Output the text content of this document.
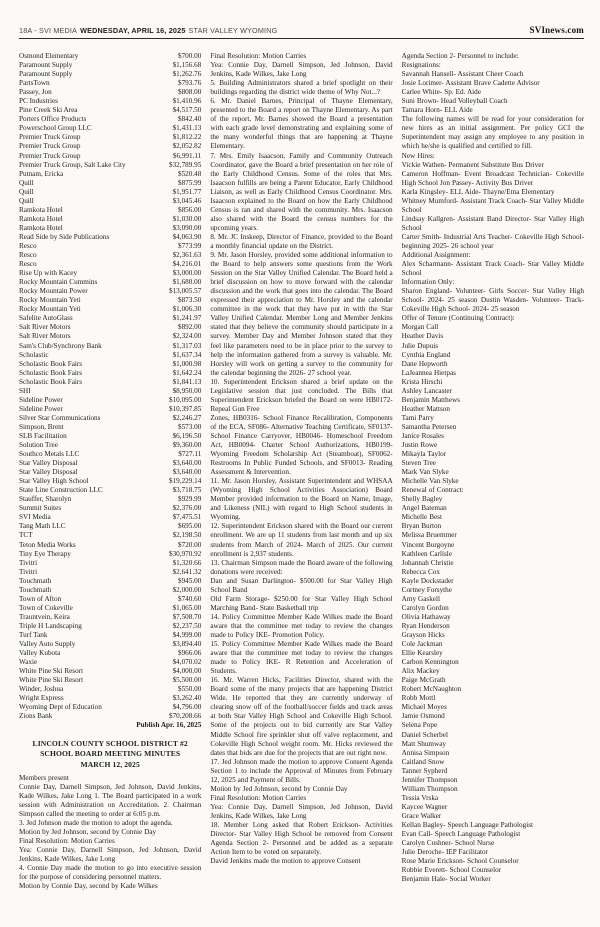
18A - SVI MEDIA WEDNESDAY, APRIL 16, 2025 STAR VALLEY WYOMING	SVInews.com
Osmond Elementary	$700.00
Paramount Supply	$1,156.68
Paramount Supply	$1,262.76
PartsTown	$793.76
Passey, Jon	$808.00
PC Industries	$1,410.96
Pine Creek Ski Area	$4,517.50
Porters Office Products	$842.40
Powerschool Group LLC	$1,431.13
Premier Truck Group	$1,812.22
Premier Truck Group	$2,052.82
Premier Truck Group	$6,991.11
Premier Truck Group, Salt Lake City	$32,789.95
Putnam, Ericka	$520.48
Quill	$875.99
Quill	$1,951.77
Quill	$3,045.46
Ramkota Hotel	$856.00
Ramkota Hotel	$1,030.00
Ramkota Hotel	$3,090.00
Read Side by Side Publications	$4,063.90
Resco	$773.99
Resco	$2,361.63
Resco	$4,216.01
Rise Up with Kacey	$3,000.00
Rocky Mountain Cummins	$1,680.00
Rocky Mountain Power	$13,005.57
Rocky Mountain Yeti	$873.50
Rocky Mountain Yeti	$1,006.30
Safelite AutoGlass	$1,241.97
Salt River Motors	$892.00
Salt River Motors	$2,324.00
Sam's Club/Synchrony Bank	$1,317.03
Scholastic	$1,637.34
Scholastic Book Fairs	$1,000.98
Scholastic Book Fairs	$1,642.24
Scholastic Book Fairs	$1,841.13
SHI	$8,950.00
Sideline Power	$10,095.00
Sideline Power	$10,397.85
Silver Star Communications	$2,246.27
Simpson, Brent	$573.00
SLB Facilitation	$6,196.50
Solution Tree	$9,360.00
Southco Metals LLC	$727.11
Star Valley Disposal	$3,640.00
Star Valley Disposal	$3,640.00
Star Valley High School	$19,229.14
State Line Construction LLC	$3,718.75
Stauffer, Sharolyn	$929.99
Summit Suites	$2,376.00
SVI Media	$7,475.51
Tang Math LLC	$695.00
TCT	$2,198.50
Teton Media Works	$720.00
Tiny Eye Therapy	$30,970.92
Tivitri	$1,320.66
Tivitri	$2,641.32
Touchmath	$945.00
Touchmath	$2,000.00
Town of Afton	$740.60
Town of Cokeville	$1,065.00
Trauntvein, Keira	$7,508.70
Triple H Landscaping	$2,237.50
Turf Tank	$4,999.00
Valley Auto Supply	$3,894.40
Valley Kubota	$966.06
Waxie	$4,070.02
White Pine Ski Resort	$4,000.00
White Pine Ski Resort	$5,500.00
Winder, Joshua	$550.00
Wright Express	$3,262.40
Wyoming Dept of Education	$4,796.00
Zions Bank	$70,208.66

Publish Apr. 16, 2025

LINCOLN COUNTY SCHOOL DISTRICT #2
SCHOOL BOARD MEETING MINUTES
MARCH 12, 2025

Members present

Connie Day, Darnell Simpson, Jed Johnson, David Jenkins, Kade Wilkes, Jake Long 1. The Board participated in a work session with Administration on Accreditation. 2. Chairman Simpson called the meeting to order at 6:05 p.m.

3. Jed Johnson made the motion to adopt the agenda.

Motion by Jed Johnson, second by Connie Day

Final Resolution: Motion Carries

Yea: Connie Day, Darnell Simpson, Jed Johnson, David Jenkins, Kade Wilkes, Jake Long

4. Connie Day made the motion to go into executive session for the purpose of considering personnel matters.

Motion by Connie Day, second by Kade Wilkes

Final Resolution: Motion Carries

Yea: Connie Day, Darnell Simpson, Jed Johnson, David Jenkins, Kade Wilkes, Jake Long

5. Building Administrators shared a brief spotlight on their buildings regarding the district wide theme of Why Not...?

6. Mr. Daniel Barnes, Principal of Thayne Elementary, presented to the Board a report on Thayne Elementary. As part of the report, Mr. Barnes showed the Board a presentation with each grade level demonstrating and explaining some of the many wonderful things that are happening at Thayne Elementary.

7. Mrs. Emily Isaacson, Family and Community Outreach Coordinator, gave the Board a brief presentation on her role of the Early Childhood Census. Some of the roles that Mrs. Isaacson fulfills are being a Parent Educator, Early Childhood Liaison, as well as Early Childhood Census Coordinator. Mrs. Isaacson explained to the Board on how the Early Childhood Census is ran and shared with the community. Mrs. Isaacson also shared with the Board the census numbers for the upcoming years.

8. Mr. JC Inskeep, Director of Finance, provided to the Board a monthly financial update on the District.

9. Mr. Jason Horsley, provided some additional information to the Board to help answers some questions from the Work Session on the Star Valley Unified Calendar. The Board held a brief discussion on how to move forward with the calendar discussion and the work that goes into the calendar. The Board expressed their appreciation to Mr. Horsley and the calendar committee in the work that they have put in with the Star Valley Unified Calendar. Member Long and Member Jenkins stated that they believe the community should participate in a survey. Member Day and Member Johnson stated that they feel like parameters need to be in place prior to the survey to help the information gathered from a survey is valuable. Mr. Horsley will work on getting a survey to the community for the calendar beginning the 2026- 27 school year.

10. Superintendent Erickson shared a brief update on the Legislative session that just concluded. The Bills that Superintendent Erickson briefed the Board on were HB0172- Repeal Gun Free

Zones, HB0316- School Finance Recalibration, Components of the ECA, SF086- Alternative Teaching Certificate, SF0137- School Finance Carryover, HB0046- Homeschool Freedom Act, HB0094- Charter School Authorizations, HB0199- Wyoming Freedom Scholarship Act (Steamboat), SF0062- Restrooms In Public Funded Schools, and SF0013- Reading Assessment & Intervention.

11. Mr. Jason Horsley, Assistant Superintendent and WHSAA (Wyoming High School Activities Association) Board Member provided information to the Board on Name, Image, and Likeness (NIL) with regard to High School students in Wyoming.

12. Superintendent Erickson shared with the Board our current enrollment. We are up 11 students from last month and up six students from March of 2024- March of 2025. Our current enrollment is 2,937 students.

13. Chairman Simpson made the Board aware of the following donations were received:

Dan and Susan Darlington- $500.00 for Star Valley High School Band

Old Farm Storage- $250.00 for Star Valley High School Marching Band- State Basketball trip

14. Policy Committee Member Kade Wilkes made the Board aware that the committee met today to review the changes made to Policy IKE- Promotion Policy.

15. Policy Committee Member Kade Wilkes made the Board aware that the committee met today to review the changes made to Policy IKE- R Retention and Acceleration of Students.

16. Mr. Warren Hicks, Facilities Director, shared with the Board some of the many projects that are happening District Wide. He reported that they are currently underway of clearing snow off of the football/soccer fields and track areas at both Star Valley High School and Cokeville High School. Some of the projects out to bid currently are Star Valley Middle School fire sprinkler shut off valve replacement, and Cokeville High School weight room. Mr. Hicks reviewed the dates that bids are due for the projects that are out right now.

17. Jed Johnson made the motion to approve Consent Agenda Section 1 to include the Approval of Minutes from February 12, 2025 and Payment of Bills.

Motion by Jed Johnson, second by Connie Day

Final Resolution: Motion Carries

Yea: Connie Day, Darnell Simpson, Jed Johnson, David Jenkins, Kade Wilkes, Jake Long

18. Member Long asked that Robert Erickson- Activities Director- Star Valley High School be removed from Consent Agenda Section 2- Personnel and be added as a separate Action Item to be voted on separately.

David Jenkins made the motion to approve Consent

Agenda Section 2- Personnel to include:

Resignations:

Savannah Hansell- Assistant Cheer Coach

Josie Lorimer- Assistant Brave Cadette Advisor

Carlee White- Sp. Ed. Aide

Suni Brown- Head Volleyball Coach

Tamara Horn- ELL Aide

The following names will be read for your consideration for new hires as an initial assignment. Per policy GCI the Superintendent may assign any employee to any position in which he/she is qualified and certified to fill.

New Hires:

Vickie Wathen- Permanent Substitute Bus Driver

Cameron Hoffman- Event Broadcast Technician- Cokeville High School Jon Passey- Activity Bus Driver

Karla Kingsley- ELL Aide- Thayne/Etna Elementary

Whitney Mumford- Assistant Track Coach- Star Valley Middle School

Lindsay Kallgren- Assistant Band Director- Star Valley High School

Carter Smith- Industrial Arts Teacher- Cokeville High School- beginning 2025- 26 school year

Additional Assignment:

Alex Scharmann- Assistant Track Coach- Star Valley Middle School

Information Only:

Sharon England- Volunteer- Girls Soccer- Star Valley High School- 2024- 25 season Dustin Wasden- Volunteer- Track- Cokeville High School- 2024- 25 season

Offer of Tenure (Continuing Contract):

Morgan Call

Heather Davis

Julie Dupuis

Cynthia England

Dane Hepworth

LaJeannea Hietpas

Krista Hirschi

Ashley Lancaster

Benjamin Matthews

Heather Mattson

Tami Parry

Samantha Petersen

Janice Rosales

Justin Rowe

Mikayla Taylor

Steven Tree

Mark Van Slyke

Michelle Van Slyke

Renewal of Contract:

Shelly Bagley

Angel Bateman

Michelle Best

Bryan Burton

Melissa Bruemmer

Vincent Burgoyne

Kathleen Carlisle

Johannah Christie

Rebecca Cox

Kayle Dockstader

Cortney Forsythe

Amy Gaskell

Carolyn Gordon

Olivia Hathaway

Ryan Henderson

Grayson Hicks

Cole Jackman

Ellie Kearsley

Carbon Kennington

Alix Mackey

Paige McGrath

Robert McNaughton

Robb Mottl

Michael Moyes

Jamie Osmond

Selena Pope

Daniel Scherbel

Matt Shumway

Annisa Simpson

Caitland Snow

Tanner Sypherd

Jennifer Thompson

William Thompson

Tessia Vrska

Kaycee Wagner

Grace Walker

Kellan Bagley- Speech Language Pathologist

Evan Call- Speech Language Pathologist

Carolyn Cushner- School Nurse

Julie Deroche- IEP Facilitator

Rose Marie Erickson- School Counselor

Robbie Everett- School Counselor

Benjamin Hale- Social Worker
